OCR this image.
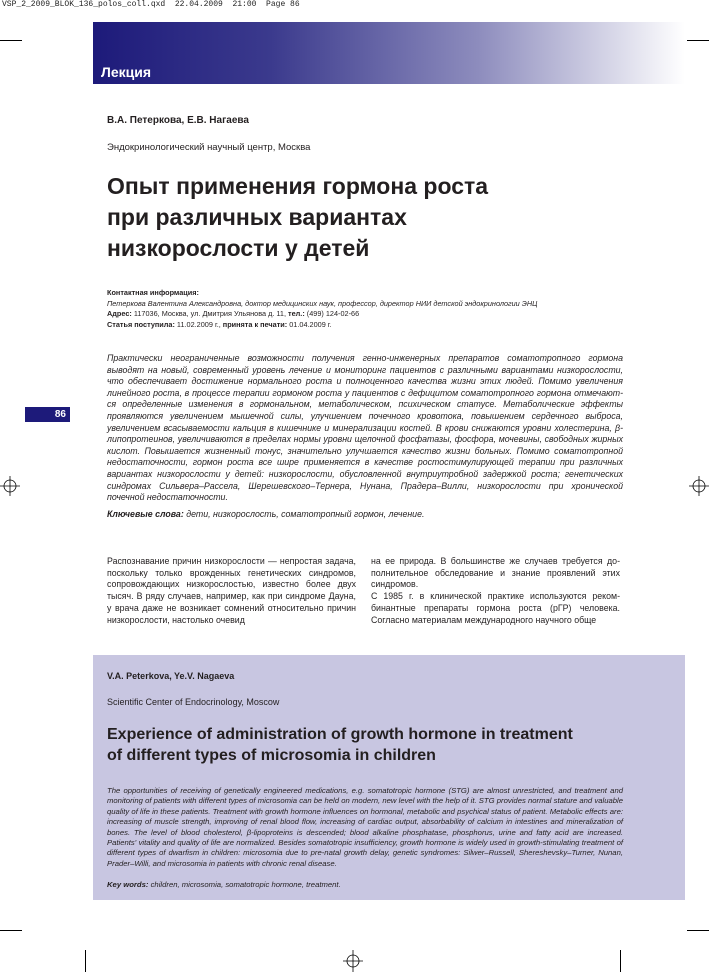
VSP_2_2009_BLOK_136_polos_coll.qxd  22.04.2009  21:00  Page 86
Лекция
86
В.А. Петеркова, Е.В. Нагаева
Эндокринологический научный центр, Москва
Опыт применения гормона роста
при различных вариантах
низкорослости у детей
Контактная информация:
Петеркова Валентина Александровна, доктор медицинских наук, профессор, директор НИИ детской эндокринологии ЭНЦ
Адрес: 117036, Москва, ул. Дмитрия Ульянова д. 11, тел.: (499) 124-02-66
Статья поступила: 11.02.2009 г., принята к печати: 01.04.2009 г.
Практически неограниченные возможности получения генно-инженерных препаратов соматотропного гормона выводят на новый, современный уровень лечение и мониторинг пациентов с различными вариантами низкорослости, что обеспечивает достижение нормального роста и полноценного качества жизни этих людей. Помимо увеличения линейного роста, в процессе терапии гормоном роста у пациентов с дефицитом соматотропного гормона отмечаются определенные изменения в гормональном, метаболическом, психическом статусе. Метаболические эффекты проявляются увеличением мышечной силы, улучшением почечного кровотока, повышением сердечного выброса, увеличением всасываемости кальция в кишечнике и минерализации костей. В крови снижаются уровни холестерина, β-липопротеинов, увеличиваются в пределах нормы уровни щелочной фосфатазы, фосфора, мочевины, свободных жирных кислот. Повышается жизненный тонус, значительно улучшается качество жизни больных. Помимо соматотропной недостаточности, гормон роста все шире применяется в качестве ростостимулирующей терапии при различных вариантах низкорослости у детей: низкорослости, обусловленной внутриутробной задержкой роста; генетических синдромах Сильвера–Рассела, Шерешевского–Тернера, Нунана, Прадера–Вилли, низкорослости при хронической почечной недостаточности.
Ключевые слова: дети, низкорослость, соматотропный гормон, лечение.

Распознавание причин низкорослости — непростая задача, поскольку только врожденных генетических синдромов, сопровождающих низкорослостью, известно более двух тысяч. В ряду случаев, например, как при синдроме Дауна, у врача даже не возникает сомнений относительно причин низкорослости, настолько очевид

на ее природа. В большинстве же случаев требуется дополнительное обследование и знание проявлений этих синдромов.

С 1985 г. в клинической практике используются рекомбинантные препараты гормона роста (рГР) человека. Согласно материалам международного научного обще

V.A. Peterkova, Ye.V. Nagaeva
Scientific Center of Endocrinology, Moscow
Experience of administration of growth hormone in treatment
of different types of microsomia in children
The opportunities of receiving of genetically engineered medications, e.g. somatotropic hormone (STG) are almost unrestricted, and treatment and monitoring of patients with different types of microsomia can be held on modern, new level with the help of it. STG provides normal stature and valuable quality of life in these patients. Treatment with growth hormone influences on hormonal, metabolic and psychical status of patient. Metabolic effects are: increasing of muscle strength, improving of renal blood flow, increasing of cardiac output, absorbability of calcium in intestines and mineralization of bones. The level of blood cholesterol, β-lipoproteins is descended; blood alkaline phosphatase, phosphorus, urine and fatty acid are increased. Patients' vitality and quality of life are normalized. Besides somatotropic insufficiency, growth hormone is widely used in growth-stimulating treatment of different types of dwarfism in children: microsomia due to pre-natal growth delay, genetic syndromes: Silwer–Russell, Shereshevsky–Turner, Nunan, Prader–Willi, and microsomia in patients with chronic renal disease.
Key words: children, microsomia, somatotropic hormone, treatment.
